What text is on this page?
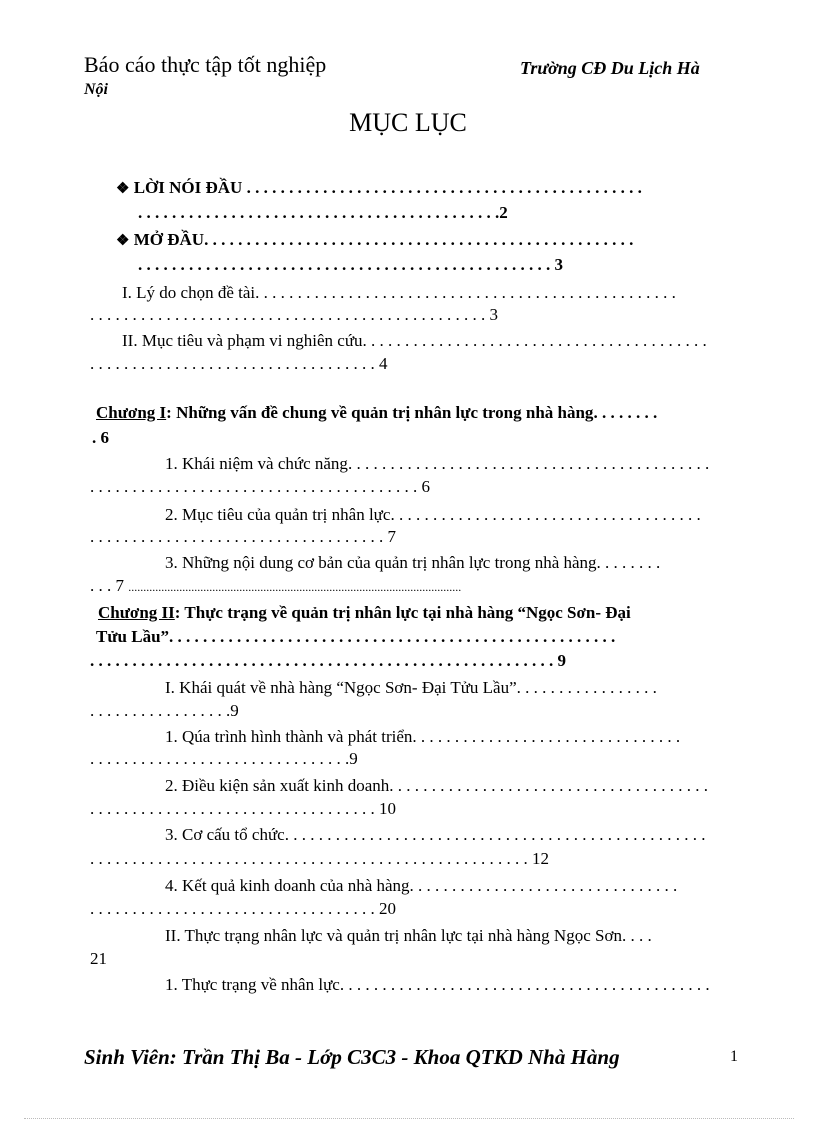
Báo cáo thực tập tốt nghiệp
Nội
Trường CĐ Du Lịch Hà
MỤC LỤC
❖ LỜI NÓI ĐẦU . . . . . . . . . . . . . . . . . . . . . . . . . . . . . . . . . . . . . . . . . . . . . . .
. . . . . . . . . . . . . . . . . . . . . . . . . . . . . . . . . . . . . . . . . . .2
❖ MỞ ĐẦU. . . . . . . . . . . . . . . . . . . . . . . . . . . . . . . . . . . . . . . . . . . . . . . . . . .
. . . . . . . . . . . . . . . . . . . . . . . . . . . . . . . . . . . . . . . . . . . . . . . . . 3
I. Lý do chọn đề tài. . . . . . . . . . . . . . . . . . . . . . . . . . . . . . . . . . . . . . . . . . . . . . . . . .
. . . . . . . . . . . . . . . . . . . . . . . . . . . . . . . . . . . . . . . . . . . . . . . 3
II. Mục tiêu và phạm vi nghiên cứu. . . . . . . . . . . . . . . . . . . . . . . . . . . . . . . . . . . . . . . . .
. . . . . . . . . . . . . . . . . . . . . . . . . . . . . . . . . . 4
Chương I: Những vấn đề chung về quản trị nhân lực trong nhà hàng. . . . . . . .
. 6
1. Khái niệm và chức năng. . . . . . . . . . . . . . . . . . . . . . . . . . . . . . . . . . . . . . . . . . .
. . . . . . . . . . . . . . . . . . . . . . . . . . . . . . . . . . . . . . . 6
2. Mục tiêu của quản trị nhân lực. . . . . . . . . . . . . . . . . . . . . . . . . . . . . . . . . . . . .
. . . . . . . . . . . . . . . . . . . . . . . . . . . . . . . . . . . 7
3. Những nội dung cơ bản của quản trị nhân lực trong nhà hàng. . . . . . . .
. . . 7 ...............................................................................................................
Chương II: Thực trạng về quản trị nhân lực tại nhà hàng “Ngọc Sơn- Đại
Tửu Lầu”. . . . . . . . . . . . . . . . . . . . . . . . . . . . . . . . . . . . . . . . . . . . . . . . . . . . .
. . . . . . . . . . . . . . . . . . . . . . . . . . . . . . . . . . . . . . . . . . . . . . . . . . . . . . . 9
I. Khái quát về nhà hàng “Ngọc Sơn- Đại Tửu Lầu”. . . . . . . . . . . . . . . . .
. . . . . . . . . . . . . . . . .9
1. Qúa trình hình thành và phát triển. . . . . . . . . . . . . . . . . . . . . . . . . . . . . . . .
. . . . . . . . . . . . . . . . . . . . . . . . . . . . . . .9
2. Điều kiện sản xuất kinh doanh. . . . . . . . . . . . . . . . . . . . . . . . . . . . . . . . . . . . . .
. . . . . . . . . . . . . . . . . . . . . . . . . . . . . . . . . . 10
3. Cơ cấu tổ chức. . . . . . . . . . . . . . . . . . . . . . . . . . . . . . . . . . . . . . . . . . . . . . . . . .
. . . . . . . . . . . . . . . . . . . . . . . . . . . . . . . . . . . . . . . . . . . . . . . . . . . . 12
4. Kết quả kinh doanh của nhà hàng. . . . . . . . . . . . . . . . . . . . . . . . . . . . . . . .
. . . . . . . . . . . . . . . . . . . . . . . . . . . . . . . . . . 20
II. Thực trạng nhân lực và quản trị nhân lực tại nhà hàng Ngọc Sơn. . . .
21
1. Thực trạng về nhân lực. . . . . . . . . . . . . . . . . . . . . . . . . . . . . . . . . . . . . . . . . . . .
Sinh Viên: Trần Thị Ba - Lớp C3C3 - Khoa QTKD Nhà Hàng	1
